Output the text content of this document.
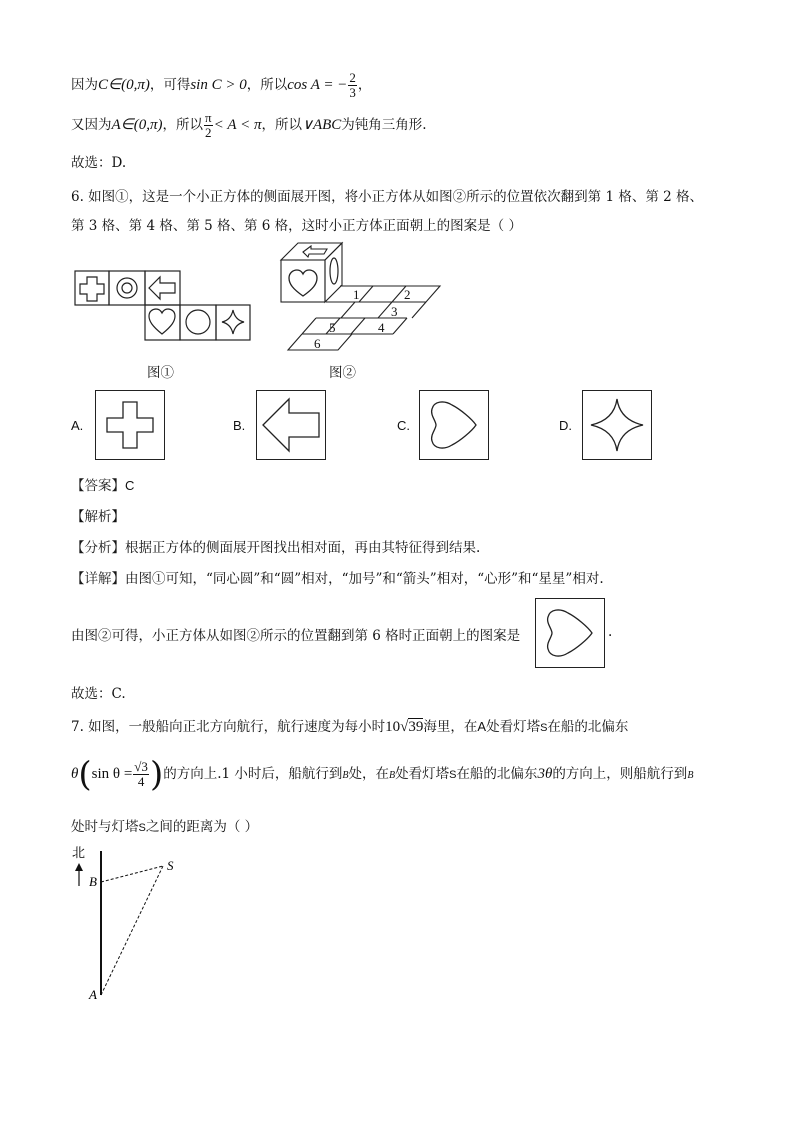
因为C∈(0,π)，可得sin C > 0，所以cos A = − $\frac{2}{3}$ ，
又因为A∈(0,π)，所以 $\frac{\pi}{2} < A < \pi$，所以∨ABC为钝角三角形.
故选：D.
6. 如图①，这是一个小正方体的侧面展开图，将小正方体从如图②所示的位置依次翻到第 1 格、第 2 格、
第 3 格、第 4 格、第 5 格、第 6 格，这时小正方体正面朝上的图案是（ ）
图①
1	2
3
4
5
6
图②
A.	B.	C.	D.
【答案】C
【解析】
【分析】根据正方体的侧面展开图找出相对面，再由其特征得到结果.
【详解】由图①可知，“同心圆”和“圆”相对，“加号”和“箭头”相对，“心形”和“星星”相对.
由图②可得，小正方体从如图②所示的位置翻到第 6 格时正面朝上的图案是	.
故选：C.
7. 如图，一般船向正北方向航行，航行速度为每小时10√39海里，在A处看灯塔S在船的北偏东
θ(sin $\theta = \frac{√3}{4}$ )的方向上.1 小时后，船航行到B处，在B处看灯塔S在船的北偏东3θ的方向上，则船航行到B
处时与灯塔S之间的距离为（ ）
北
B
S
A
